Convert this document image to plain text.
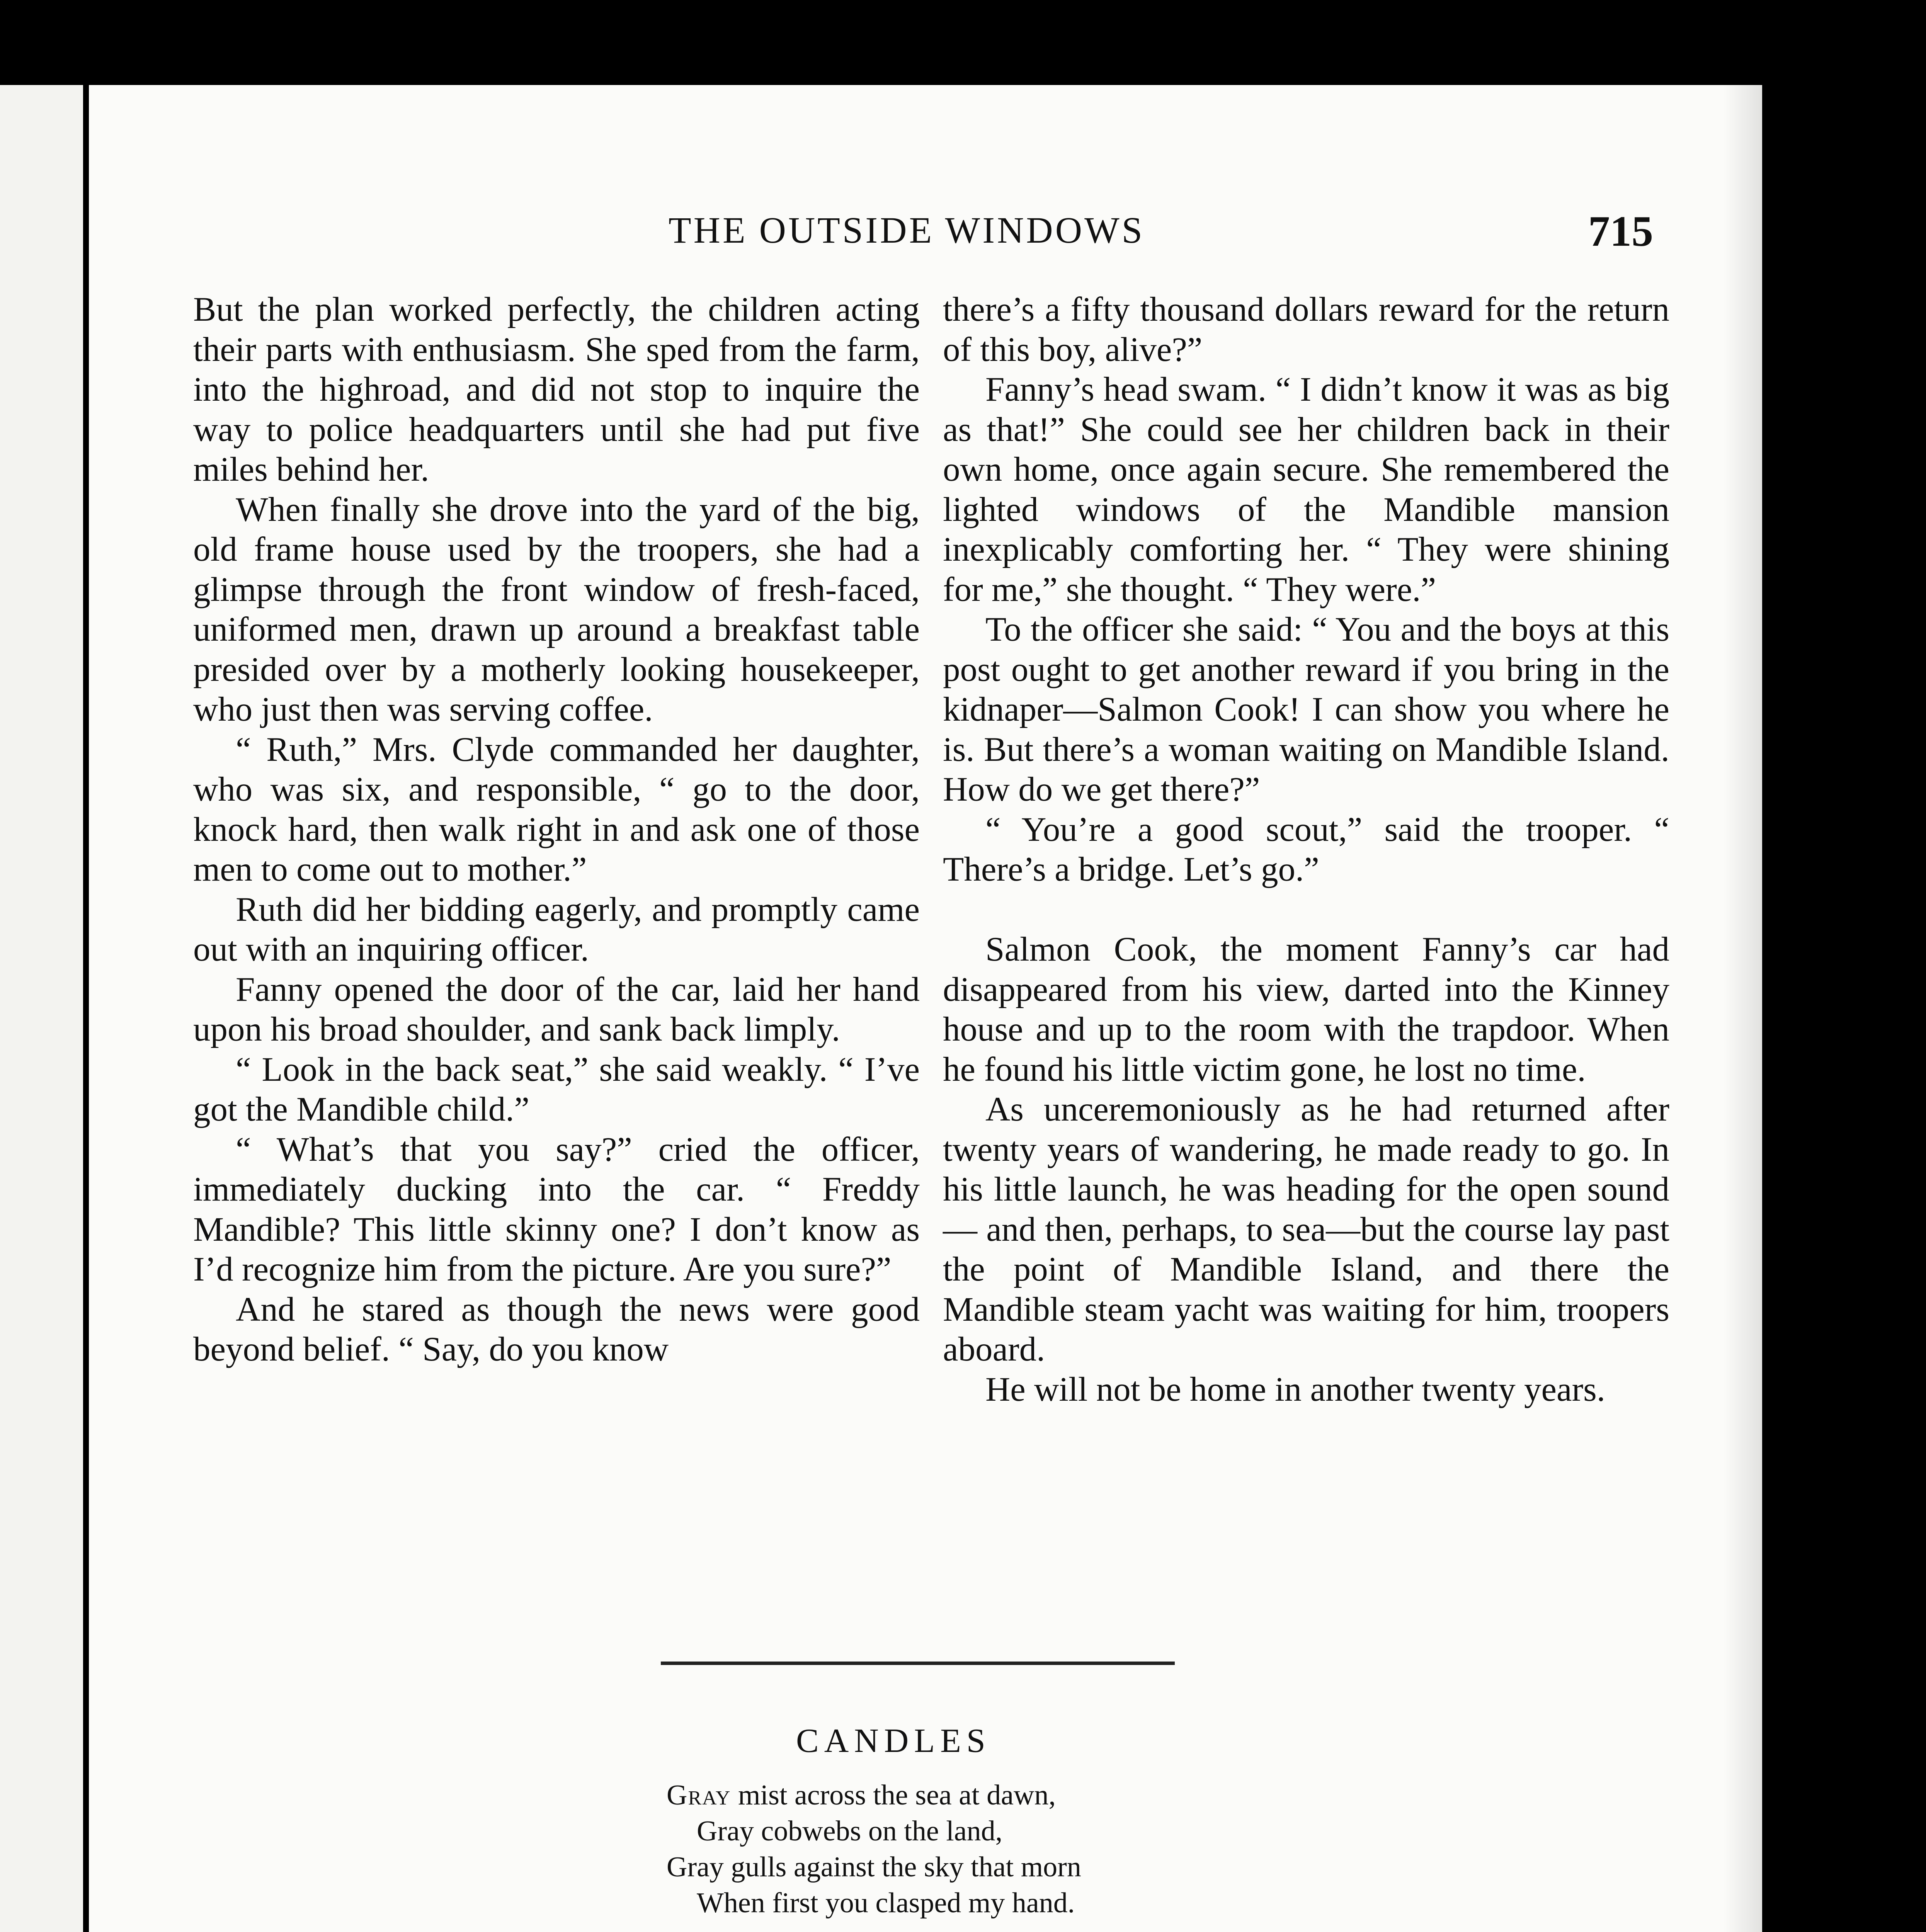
THE OUTSIDE WINDOWS	715

But the plan worked perfectly, the children acting their parts with enthusiasm. She sped from the farm, into the highroad, and did not stop to inquire the way to police headquarters until she had put five miles behind her.

When finally she drove into the yard of the big, old frame house used by the troopers, she had a glimpse through the front window of fresh-faced, uniformed men, drawn up around a breakfast table presided over by a motherly looking housekeeper, who just then was serving coffee.

“ Ruth,” Mrs. Clyde commanded her daughter, who was six, and responsible, “ go to the door, knock hard, then walk right in and ask one of those men to come out to mother.”

Ruth did her bidding eagerly, and promptly came out with an inquiring officer.

Fanny opened the door of the car, laid her hand upon his broad shoulder, and sank back limply.

“ Look in the back seat,” she said weakly. “ I’ve got the Mandible child.”

“ What’s that you say?” cried the officer, immediately ducking into the car. “ Freddy Mandible? This little skinny one? I don’t know as I’d recognize him from the picture. Are you sure?”

And he stared as though the news were good beyond belief. “ Say, do you know

there’s a fifty thousand dollars reward for the return of this boy, alive?”

Fanny’s head swam. “ I didn’t know it was as big as that!” She could see her children back in their own home, once again secure. She remembered the lighted windows of the Mandible mansion inexplicably comforting her. “ They were shining for me,” she thought. “ They were.”

To the officer she said: “ You and the boys at this post ought to get another reward if you bring in the kidnaper—Salmon Cook! I can show you where he is. But there’s a woman waiting on Mandible Island. How do we get there?”

“ You’re a good scout,” said the trooper. “ There’s a bridge. Let’s go.”

Salmon Cook, the moment Fanny’s car had disappeared from his view, darted into the Kinney house and up to the room with the trapdoor. When he found his little victim gone, he lost no time.

As unceremoniously as he had returned after twenty years of wandering, he made ready to go. In his little launch, he was heading for the open sound — and then, perhaps, to sea—but the course lay past the point of Mandible Island, and there the Mandible steam yacht was waiting for him, troopers aboard.

He will not be home in another twenty years.

CANDLES
Gray mist across the sea at dawn,
Gray cobwebs on the land,
Gray gulls against the sky that morn
When first you clasped my hand.
